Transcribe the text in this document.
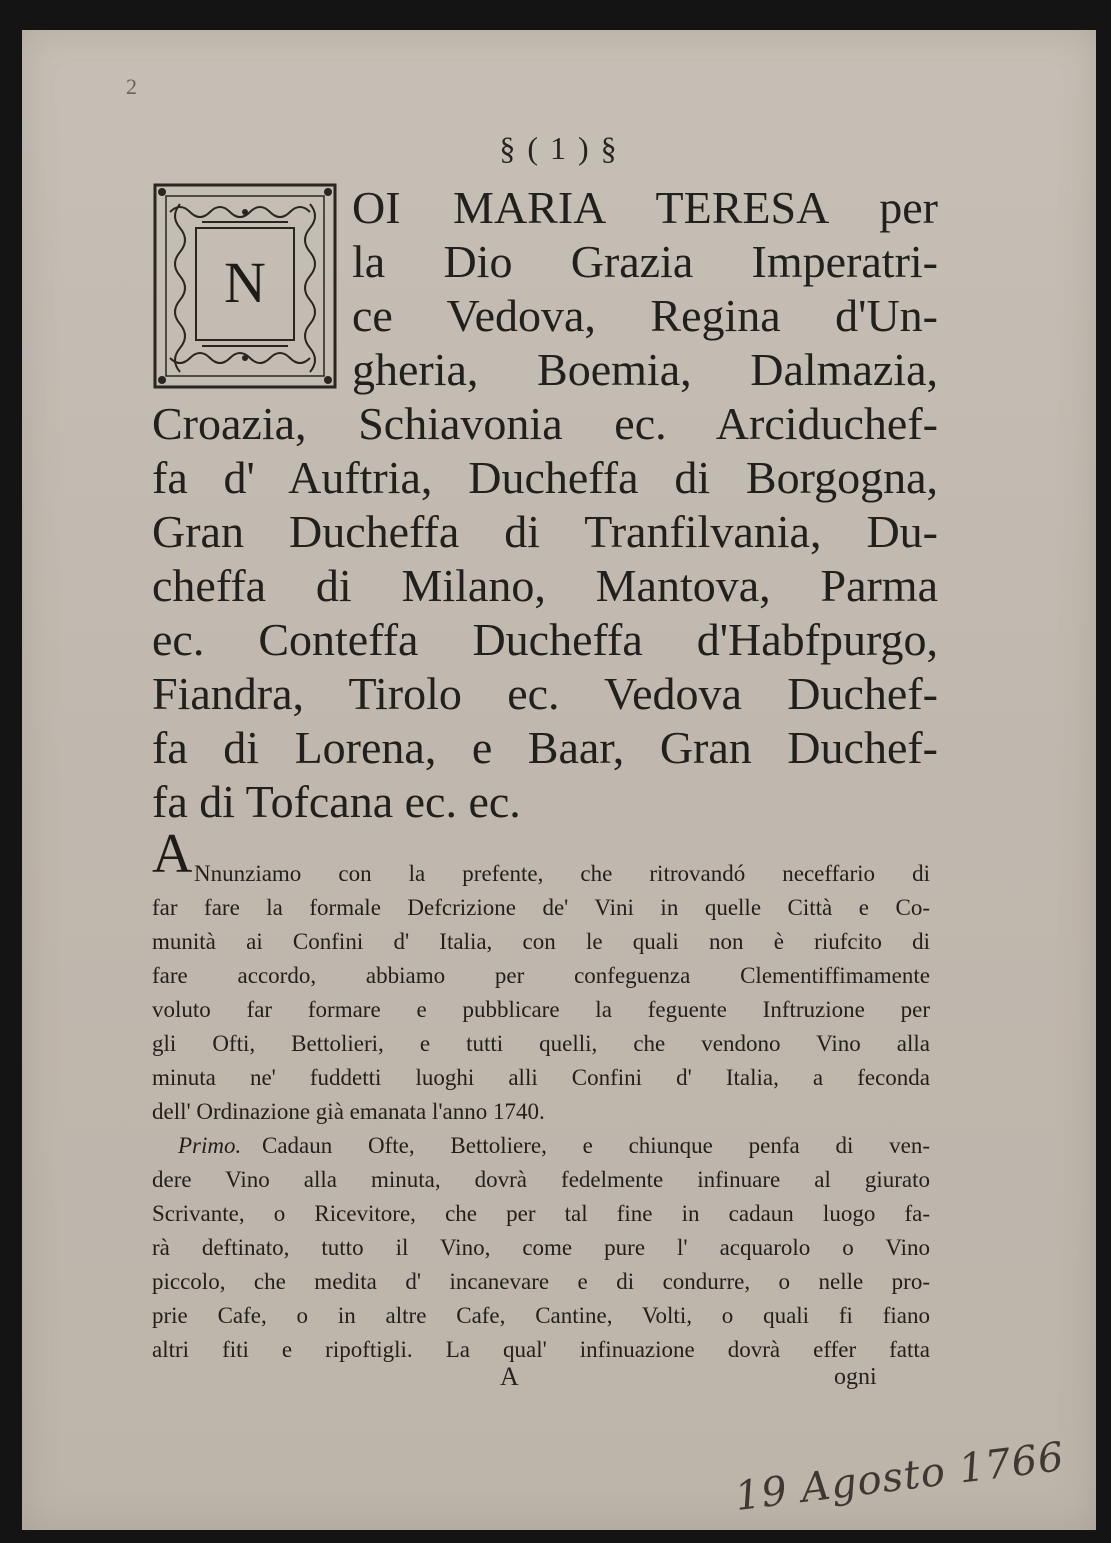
2
§ ( 1 ) §
N
OI MARIA TERESA per
la Dio Grazia Imperatri-
ce Vedova, Regina d'Un-
gheria, Boemia, Dalmazia,
Croazia, Schiavonia ec. Arciduchef-
fa d' Auftria, Ducheffa di Borgogna,
Gran Ducheffa di Tranfilvania, Du-
cheffa di Milano, Mantova, Parma
ec. Conteffa Ducheffa d'Habfpurgo,
Fiandra, Tirolo ec. Vedova Duchef-
fa di Lorena, e Baar, Gran Duchef-
fa di Tofcana ec. ec.
A Nnunziamo con la prefente, che ritrovandó neceffario di
far fare la formale Defcrizione de' Vini in quelle Città e Co-
munità ai Confini d' Italia, con le quali non è riufcito di
fare accordo, abbiamo per confeguenza Clementiffimamente
voluto far formare e pubblicare la feguente Inftruzione per
gli Ofti, Bettolieri, e tutti quelli, che vendono Vino alla
minuta ne' fuddetti luoghi alli Confini d' Italia, a feconda
dell' Ordinazione già emanata l'anno 1740.
Primo. Cadaun Ofte, Bettoliere, e chiunque penfa di ven-
dere Vino alla minuta, dovrà fedelmente infinuare al giurato
Scrivante, o Ricevitore, che per tal fine in cadaun luogo fa-
rà deftinato, tutto il Vino, come pure l' acquarolo o Vino
piccolo, che medita d' incanevare e di condurre, o nelle pro-
prie Cafe, o in altre Cafe, Cantine, Volti, o quali fi fiano
altri fiti e ripoftigli. La qual' infinuazione dovrà effer fatta
A	ogni
19 Agosto 1766
